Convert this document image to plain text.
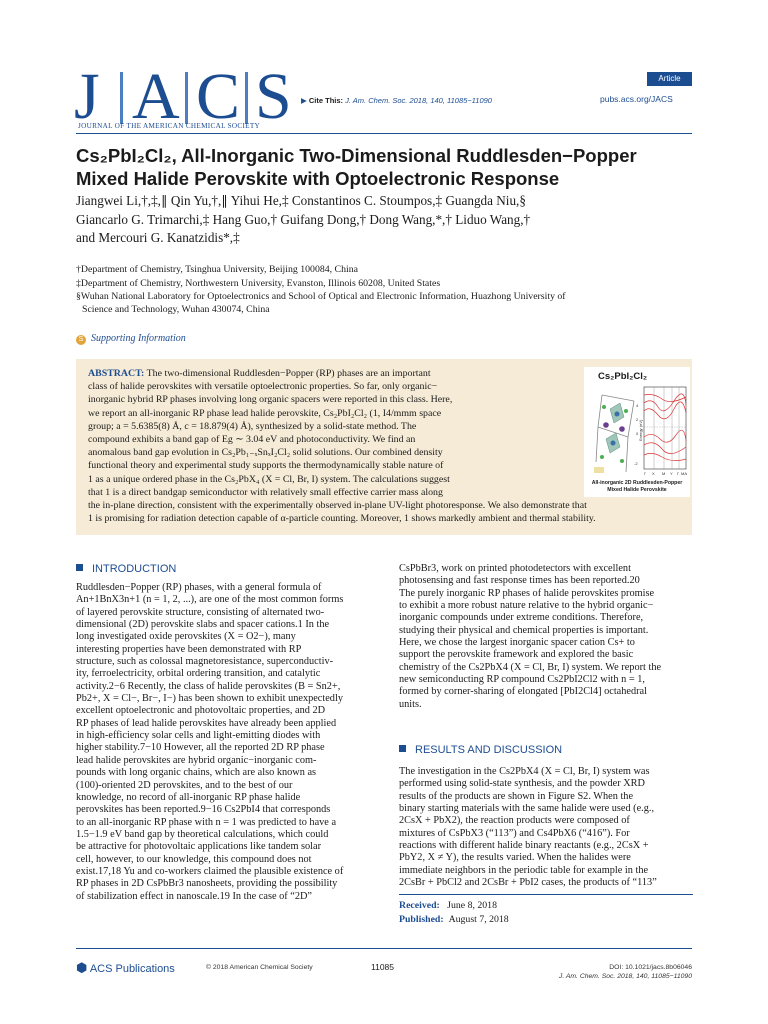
J A C S
JOURNAL OF THE AMERICAN CHEMICAL SOCIETY
▶ Cite This: J. Am. Chem. Soc. 2018, 140, 11085−11090
Article
pubs.acs.org/JACS
Cs₂PbI₂Cl₂, All-Inorganic Two-Dimensional Ruddlesden−Popper
Mixed Halide Perovskite with Optoelectronic Response
Jiangwei Li,†,‡,∥ Qin Yu,†,∥ Yihui He,‡ Constantinos C. Stoumpos,‡ Guangda Niu,§
Giancarlo G. Trimarchi,‡ Hang Guo,† Guifang Dong,† Dong Wang,*,† Liduo Wang,†
and Mercouri G. Kanatzidis*,‡

†Department of Chemistry, Tsinghua University, Beijing 100084, China

‡Department of Chemistry, Northwestern University, Evanston, Illinois 60208, United States

§Wuhan National Laboratory for Optoelectronics and School of Optical and Electronic Information, Huazhong University of

Science and Technology, Wuhan 430074, China

S Supporting Information
ABSTRACT: The two-dimensional Ruddlesden−Popper (RP) phases are an important
class of halide perovskites with versatile optoelectronic properties. So far, only organic−
inorganic hybrid RP phases involving long organic spacers were reported in this class. Here,
we report an all-inorganic RP phase lead halide perovskite, Cs₂PbI₂Cl₂ (1, I4/mmm space
group; a = 5.6385(8) Å, c = 18.879(4) Å), synthesized by a solid-state method. The
compound exhibits a band gap of Eg ∼ 3.04 eV and photoconductivity. We find an
anomalous band gap evolution in Cs₂Pb₁₋ₓSnₓI₂Cl₂ solid solutions. Our combined density
functional theory and experimental study supports the thermodynamically stable nature of
1 as a unique ordered phase in the Cs₂PbX₄ (X = Cl, Br, I) system. The calculations suggest
that 1 is a direct bandgap semiconductor with relatively small effective carrier mass along
the in-plane direction, consistent with the experimentally observed in-plane UV-light photoresponse. We also demonstrate that
1 is promising for radiation detection capable of α-particle counting. Moreover, 1 shows markedly ambient and thermal stability.
Cs₂PbI₂Cl₂
4
2
0
-2
Energy (eV)
Γ X M Y Γ MA
All-inorganic 2D Ruddlesden-Popper
Mixed Halide Perovskite
INTRODUCTION
Ruddlesden−Popper (RP) phases, with a general formula of
An+1BnX3n+1 (n = 1, 2, ...), are one of the most common forms
of layered perovskite structure, consisting of alternated two-
dimensional (2D) perovskite slabs and spacer cations.1 In the
long investigated oxide perovskites (X = O2−), many
interesting properties have been demonstrated with RP
structure, such as colossal magnetoresistance, superconductiv-
ity, ferroelectricity, orbital ordering transition, and catalytic
activity.2−6 Recently, the class of halide perovskites (B = Sn2+,
Pb2+, X = Cl−, Br−, I−) has been shown to exhibit unexpectedly
excellent optoelectronic and photovoltaic properties, and 2D
RP phases of lead halide perovskites have already been applied
in high-efficiency solar cells and light-emitting diodes with
higher stability.7−10 However, all the reported 2D RP phase
lead halide perovskites are hybrid organic−inorganic com-
pounds with long organic chains, which are also known as
(100)-oriented 2D perovskites, and to the best of our
knowledge, no record of all-inorganic RP phase halide
perovskites has been reported.9−16 Cs2PbI4 that corresponds
to an all-inorganic RP phase with n = 1 was predicted to have a
1.5−1.9 eV band gap by theoretical calculations, which could
be attractive for photovoltaic applications like tandem solar
cell, however, to our knowledge, this compound does not
exist.17,18 Yu and co-workers claimed the plausible existence of
RP phases in 2D CsPbBr3 nanosheets, providing the possibility
of stabilization effect in nanoscale.19 In the case of “2D”
CsPbBr3, work on printed photodetectors with excellent
photosensing and fast response times has been reported.20
The purely inorganic RP phases of halide perovskites promise
to exhibit a more robust nature relative to the hybrid organic−
inorganic compounds under extreme conditions. Therefore,
studying their physical and chemical properties is important.
Here, we chose the largest inorganic spacer cation Cs+ to
support the perovskite framework and explored the basic
chemistry of the Cs2PbX4 (X = Cl, Br, I) system. We report the
new semiconducting RP compound Cs2PbI2Cl2 with n = 1,
formed by corner-sharing of elongated [PbI2Cl4] octahedral
units.
RESULTS AND DISCUSSION
The investigation in the Cs2PbX4 (X = Cl, Br, I) system was
performed using solid-state synthesis, and the powder XRD
results of the products are shown in Figure S2. When the
binary starting materials with the same halide were used (e.g.,
2CsX + PbX2), the reaction products were composed of
mixtures of CsPbX3 (“113”) and Cs4PbX6 (“416”). For
reactions with different halide binary reactants (e.g., 2CsX +
PbY2, X ≠ Y), the results varied. When the halides were
immediate neighbors in the periodic table for example in the
2CsBr + PbCl2 and 2CsBr + PbI2 cases, the products of “113”
Received: June 8, 2018
Published: August 7, 2018
⬢ ACS Publications	© 2018 American Chemical Society	11085	DOI: 10.1021/jacs.8b06046
J. Am. Chem. Soc. 2018, 140, 11085−11090
